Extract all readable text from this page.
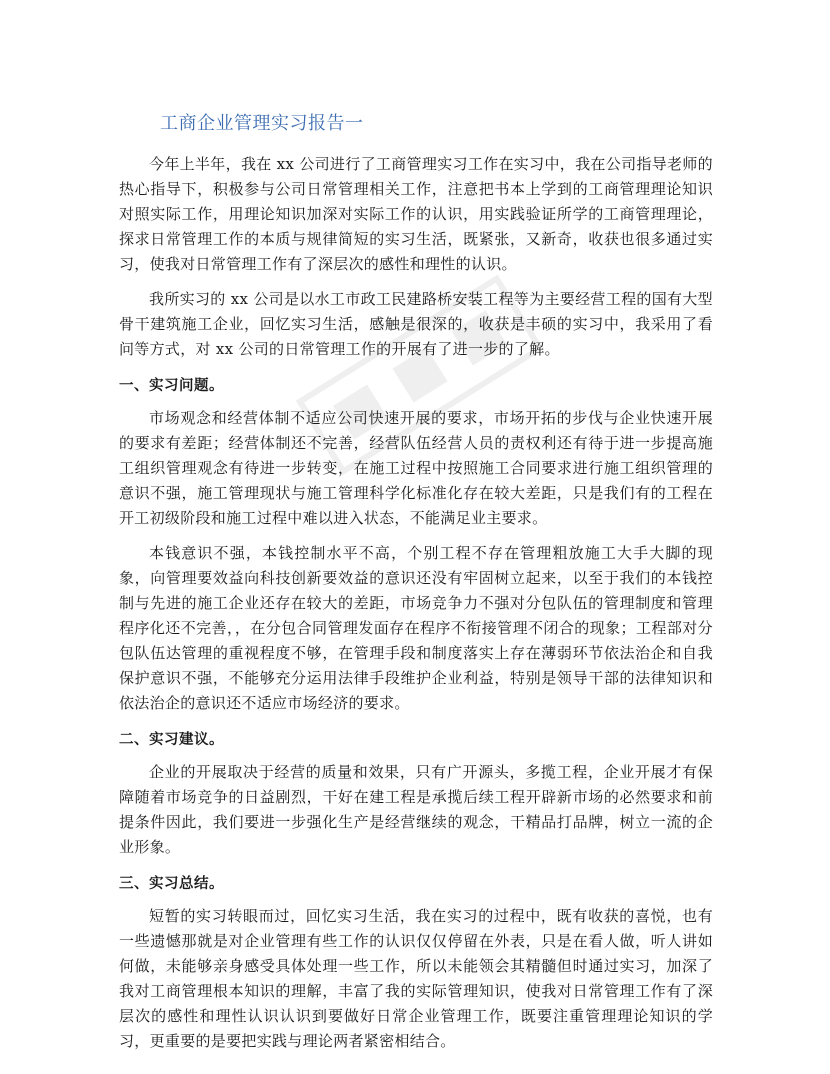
工商企业管理实习报告一

今年上半年，我在 xx 公司进行了工商管理实习工作在实习中，我在公司指导老师的热心指导下，积极参与公司日常管理相关工作，注意把书本上学到的工商管理理论知识对照实际工作，用理论知识加深对实际工作的认识，用实践验证所学的工商管理理论，探求日常管理工作的本质与规律简短的实习生活，既紧张，又新奇，收获也很多通过实习，使我对日常管理工作有了深层次的感性和理性的认识。

我所实习的 xx 公司是以水工市政工民建路桥安装工程等为主要经营工程的国有大型骨干建筑施工企业，回忆实习生活，感触是很深的，收获是丰硕的实习中，我采用了看问等方式，对 xx 公司的日常管理工作的开展有了进一步的了解。

一、实习问题。

市场观念和经营体制不适应公司快速开展的要求，市场开拓的步伐与企业快速开展的要求有差距；经营体制还不完善，经营队伍经营人员的责权利还有待于进一步提高施工组织管理观念有待进一步转变，在施工过程中按照施工合同要求进行施工组织管理的意识不强，施工管理现状与施工管理科学化标准化存在较大差距，只是我们有的工程在开工初级阶段和施工过程中难以进入状态，不能满足业主要求。

本钱意识不强，本钱控制水平不高，个别工程不存在管理粗放施工大手大脚的现象，向管理要效益向科技创新要效益的意识还没有牢固树立起来，以至于我们的本钱控制与先进的施工企业还存在较大的差距，市场竞争力不强对分包队伍的管理制度和管理程序化还不完善，，在分包合同管理发面存在程序不衔接管理不闭合的现象；工程部对分包队伍达管理的重视程度不够，在管理手段和制度落实上存在薄弱环节依法治企和自我保护意识不强，不能够充分运用法律手段维护企业利益，特别是领导干部的法律知识和依法治企的意识还不适应市场经济的要求。

二、实习建议。

企业的开展取决于经营的质量和效果，只有广开源头，多揽工程，企业开展才有保障随着市场竞争的日益剧烈，干好在建工程是承揽后续工程开辟新市场的必然要求和前提条件因此，我们要进一步强化生产是经营继续的观念，干精品打品牌，树立一流的企业形象。

三、实习总结。

短暂的实习转眼而过，回忆实习生活，我在实习的过程中，既有收获的喜悦，也有一些遗憾那就是对企业管理有些工作的认识仅仅停留在外表，只是在看人做，听人讲如何做，未能够亲身感受具体处理一些工作，所以未能领会其精髓但时通过实习，加深了我对工商管理根本知识的理解，丰富了我的实际管理知识，使我对日常管理工作有了深层次的感性和理性认识认识到要做好日常企业管理工作，既要注重管理理论知识的学习，更重要的是要把实践与理论两者紧密相结合。
